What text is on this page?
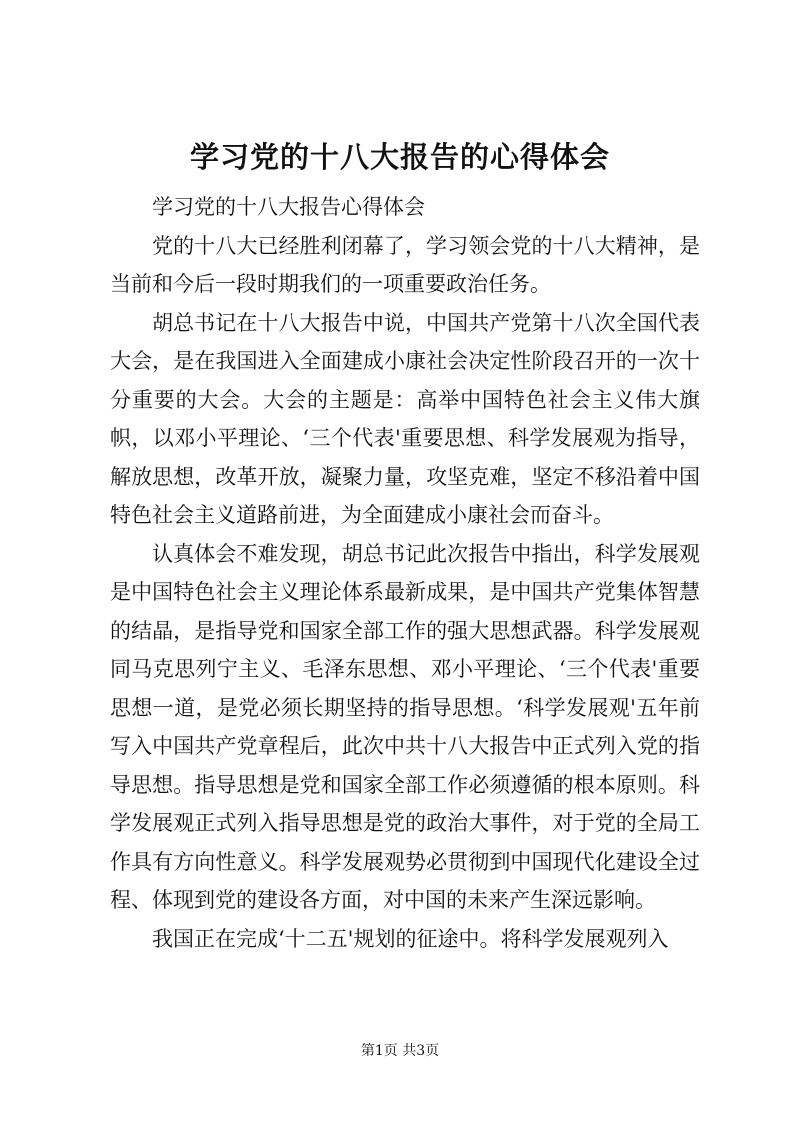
学习党的十八大报告的心得体会

学习党的十八大报告心得体会

党的十八大已经胜利闭幕了，学习领会党的十八大精神，是当前和今后一段时期我们的一项重要政治任务。

胡总书记在十八大报告中说，中国共产党第十八次全国代表大会，是在我国进入全面建成小康社会决定性阶段召开的一次十分重要的大会。大会的主题是：高举中国特色社会主义伟大旗帜，以邓小平理论、‘三个代表'重要思想、科学发展观为指导，解放思想，改革开放，凝聚力量，攻坚克难，坚定不移沿着中国特色社会主义道路前进，为全面建成小康社会而奋斗。

认真体会不难发现，胡总书记此次报告中指出，科学发展观是中国特色社会主义理论体系最新成果，是中国共产党集体智慧的结晶，是指导党和国家全部工作的强大思想武器。科学发展观同马克思列宁主义、毛泽东思想、邓小平理论、‘三个代表'重要思想一道，是党必须长期坚持的指导思想。‘科学发展观'五年前写入中国共产党章程后，此次中共十八大报告中正式列入党的指导思想。指导思想是党和国家全部工作必须遵循的根本原则。科学发展观正式列入指导思想是党的政治大事件，对于党的全局工作具有方向性意义。科学发展观势必贯彻到中国现代化建设全过程、体现到党的建设各方面，对中国的未来产生深远影响。

我国正在完成‘十二五'规划的征途中。将科学发展观列入

第1页 共3页
